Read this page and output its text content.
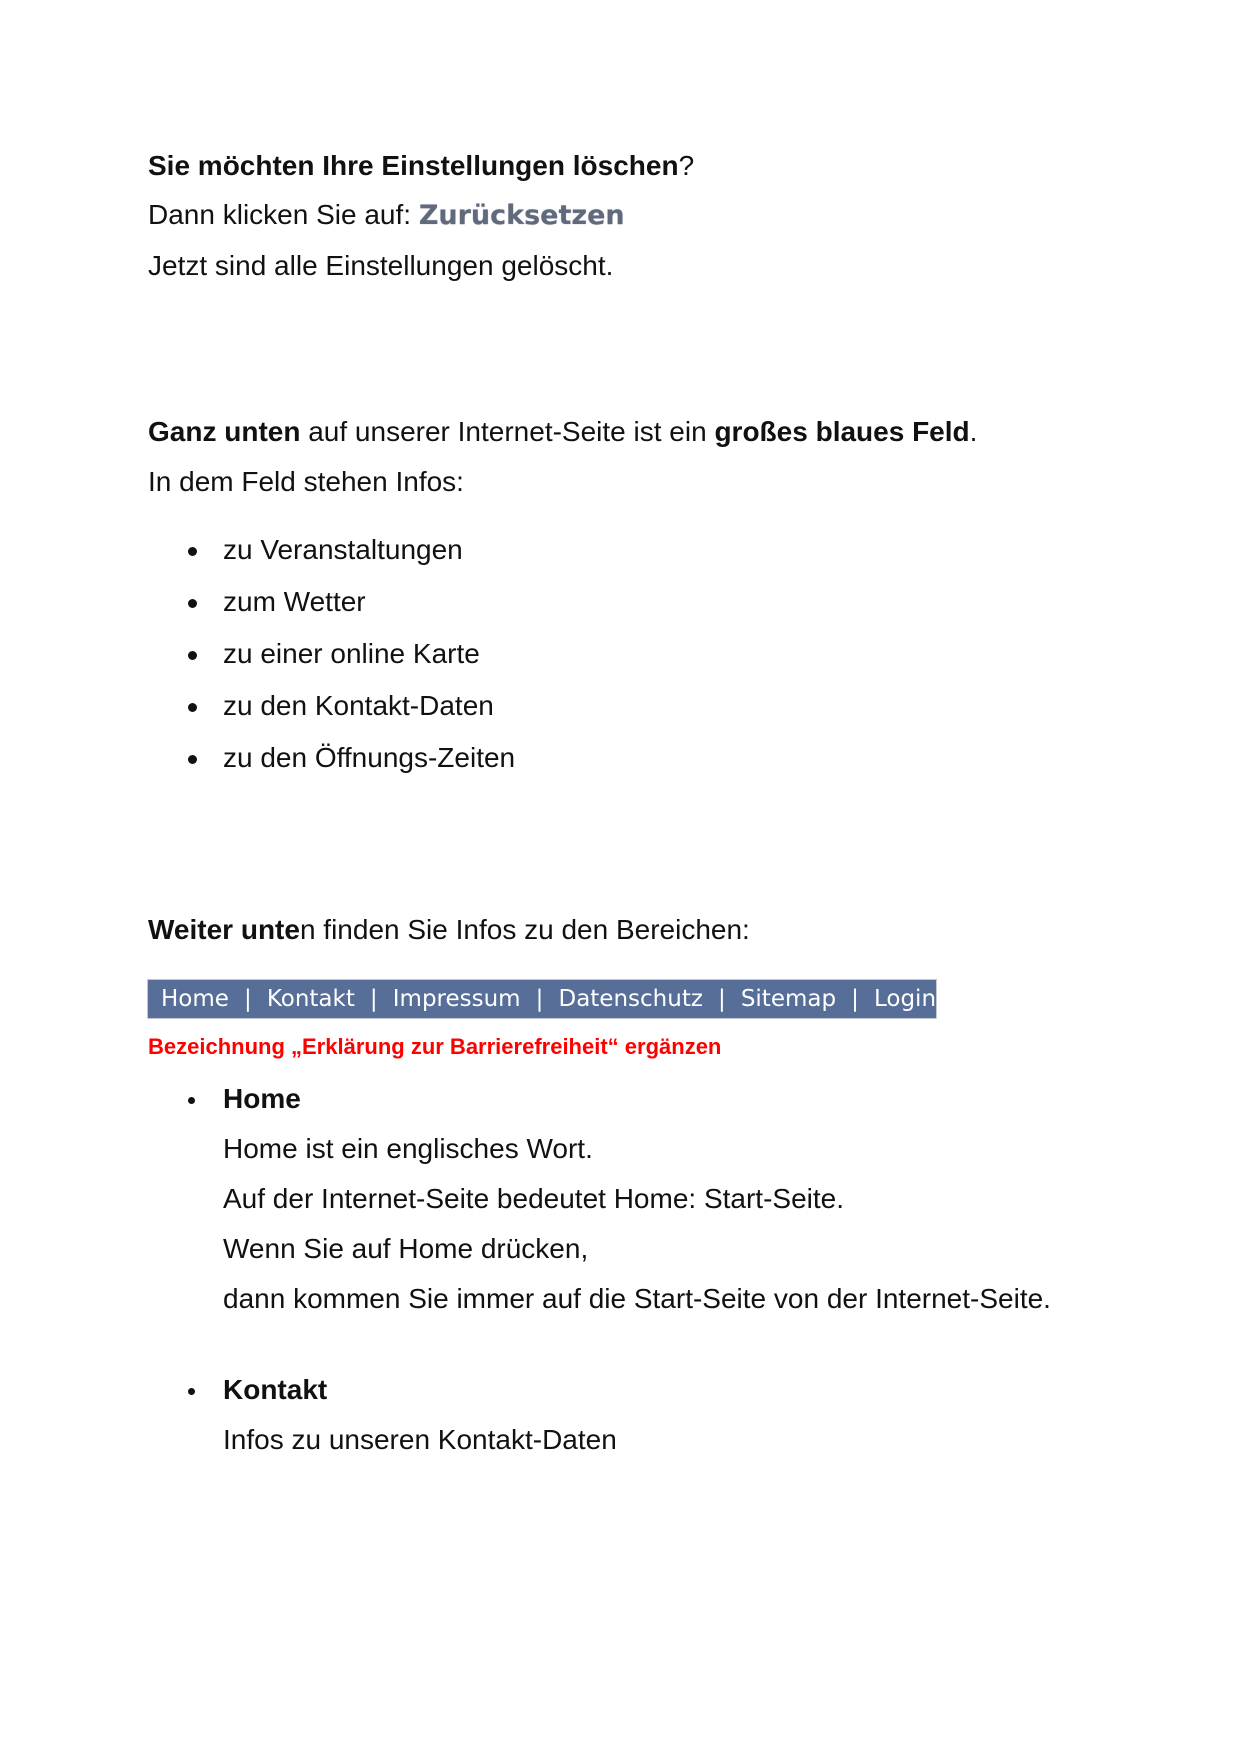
Sie möchten Ihre Einstellungen löschen?
Dann klicken Sie auf: Zurücksetzen
Jetzt sind alle Einstellungen gelöscht.
Ganz unten auf unserer Internet-Seite ist ein großes blaues Feld.
In dem Feld stehen Infos:
zu Veranstaltungen
zum Wetter
zu einer online Karte
zu den Kontakt-Daten
zu den Öffnungs-Zeiten
Weiter unten finden Sie Infos zu den Bereichen:
Home | Kontakt | Impressum | Datenschutz | Sitemap | Login
Bezeichnung „Erklärung zur Barrierefreiheit“ ergänzen
Home
Home ist ein englisches Wort.
Auf der Internet-Seite bedeutet Home: Start-Seite.
Wenn Sie auf Home drücken,
dann kommen Sie immer auf die Start-Seite von der Internet-Seite.
Kontakt
Infos zu unseren Kontakt-Daten
